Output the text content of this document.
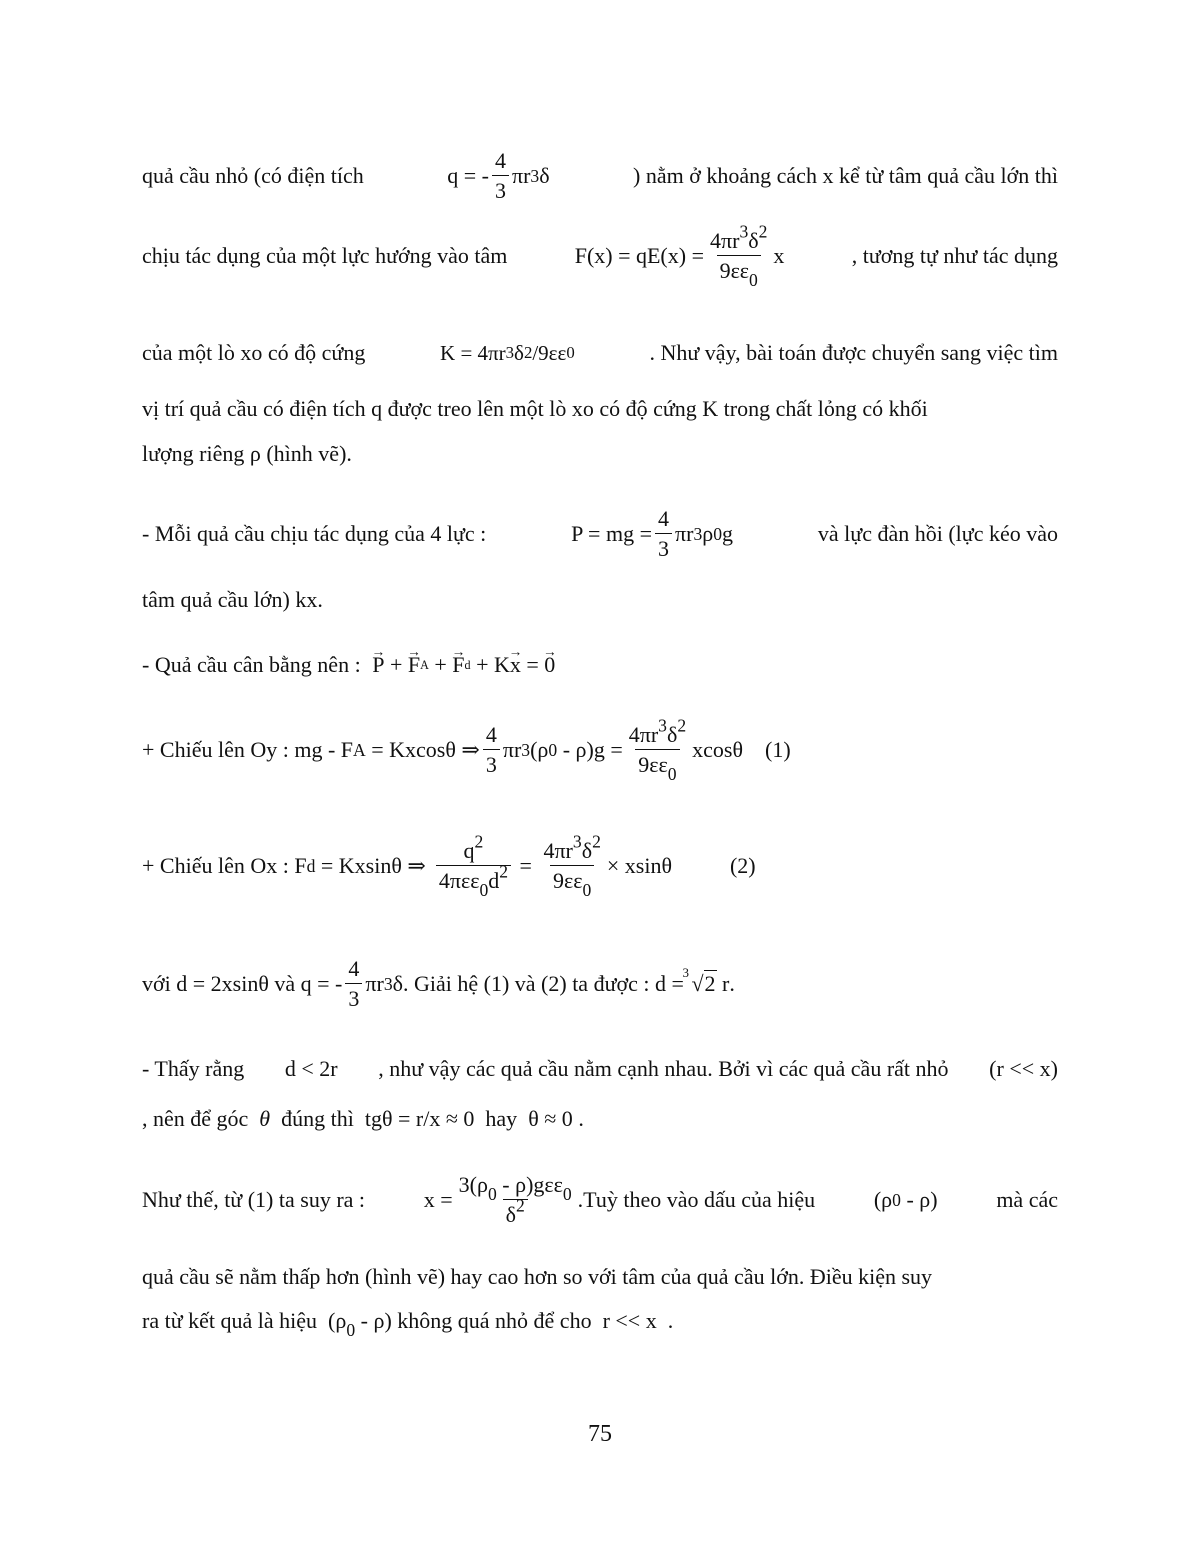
quả cầu nhỏ (có điện tích	q = - $\frac{4}{3}$ πr 3 δ	) nằm ở khoảng cách x kể từ tâm quả cầu lớn thì
chịu tác dụng của một lực hướng vào tâm	$F(x) = qE(x) = \frac{4\pi r^3\delta^2}{9\varepsilon\varepsilon_0}$ x	, tương tự như tác dụng
của một lò xo có độ cứng	K = 4πr 3 δ 2 /9εε 0	. Như vậy, bài toán được chuyển sang việc tìm
vị trí quả cầu có điện tích q được treo lên một lò xo có độ cứng K trong chất lỏng có khối
lượng riêng ρ (hình vẽ).
- Mỗi quả cầu chịu tác dụng của 4 lực :	P = mg = $\frac{4}{3}$ πr 3 ρ 0 g	và lực đàn hồi (lực kéo vào
tâm quả cầu lớn) kx.
- Quả cầu cân bằng nên : → P
+
→ F A
+
→ F d
+
K → x
=
→ 0
+ Chiếu lên Oy :
mg - F A
= Kxcosθ ⇒ $\frac{4}{3}$ πr 3 (ρ 0
- $\rho)g = \frac{4\pi r^3\delta^2}{9\varepsilon\varepsilon_0}$ xcosθ (1)
+ Chiếu lên Ox :
F d
= Kxsinθ
⇒ $\frac{q^2}{4\pi\varepsilon\varepsilon_0d^2}$
=
$\frac{4\pi r^3\delta^2}{9\varepsilon\varepsilon_0} \times xsin\theta$	(2)
với
d = 2xsinθ
và
q = - $\frac{4}{3}$ πr 3 δ . Giải hệ (1) và (2) ta được :
d =

3 √2
r .
- Thấy rằng d < 2r , như vậy các quả cầu nằm cạnh nhau. Bởi vì các quả cầu rất nhỏ (r << x)
, nên để góc θ đúng thì tgθ = r/x ≈ 0 hay θ ≈ 0 .
Như thế, từ (1) ta suy ra :	$x = \frac{3(\rho_0 - \rho)g\varepsilon\varepsilon_0}{\delta^2}$ .Tuỳ theo vào dấu của hiệu	(ρ 0
- ρ)	mà các
quả cầu sẽ nằm thấp hơn (hình vẽ) hay cao hơn so với tâm của quả cầu lớn. Điều kiện suy
ra từ kết quả là hiệu $(\rho_0 - \rho)$ không quá nhỏ để cho r << x .
75
